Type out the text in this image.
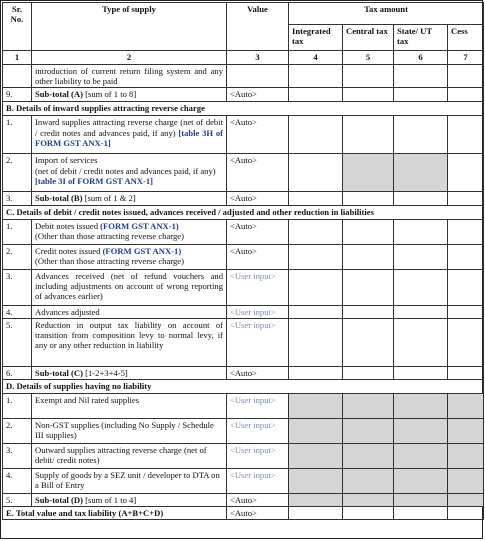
Sr. No.	Type of supply	Value	Tax amount			
			Integrated tax	Central tax	State/ UT tax	Cess
1	2	3	4	5	6	7
	introduction of current return filing system and any other liability to be paid					
9.	Sub-total (A) [sum of 1 to 8]	<Auto>				
B. Details of inward supplies attracting reverse charge						
1.	Inward supplies attracting reverse charge (net of debit / credit notes and advances paid, if any) [table 3H of FORM GST ANX-1]	<Auto>				
2.	Import of services
(net of debit / credit notes and advances paid, if any) [table 3I of FORM GST ANX-1]	<Auto>				
3.	Sub-total (B) [sum of 1 & 2]	<Auto>				
C. Details of debit / credit notes issued, advances received / adjusted and other reduction in liabilities						
1.	Debit notes issued (FORM GST ANX-1)
(Other than those attracting reverse charge)	<Auto>				
2.	Credit notes issued (FORM GST ANX-1)
(Other than those attracting reverse charge)	<Auto>				
3.	Advances received (net of refund vouchers and including adjustments on account of wrong reporting of advances earlier)	<User input>				
4.	Advances adjusted	<User input>				
5.	Reduction in output tax liability on account of transition from composition levy to normal levy, if any or any other reduction in liability	<User input>				
6.	Sub-total (C) [1-2+3+4-5]	<Auto>				
D. Details of supplies having no liability						
1.	Exempt and Nil rated supplies	<User input>				
2.	Non-GST supplies (including No Supply / Schedule III supplies)	<User input>				
3.	Outward supplies attracting reverse charge (net of debit/ credit notes)	<User input>				
4.	Supply of goods by a SEZ unit / developer to DTA on a Bill of Entry	<User input>				
5.	Sub-total (D) [sum of 1 to 4]	<Auto>				
E. Total value and tax liability (A+B+C+D)		<Auto>				
